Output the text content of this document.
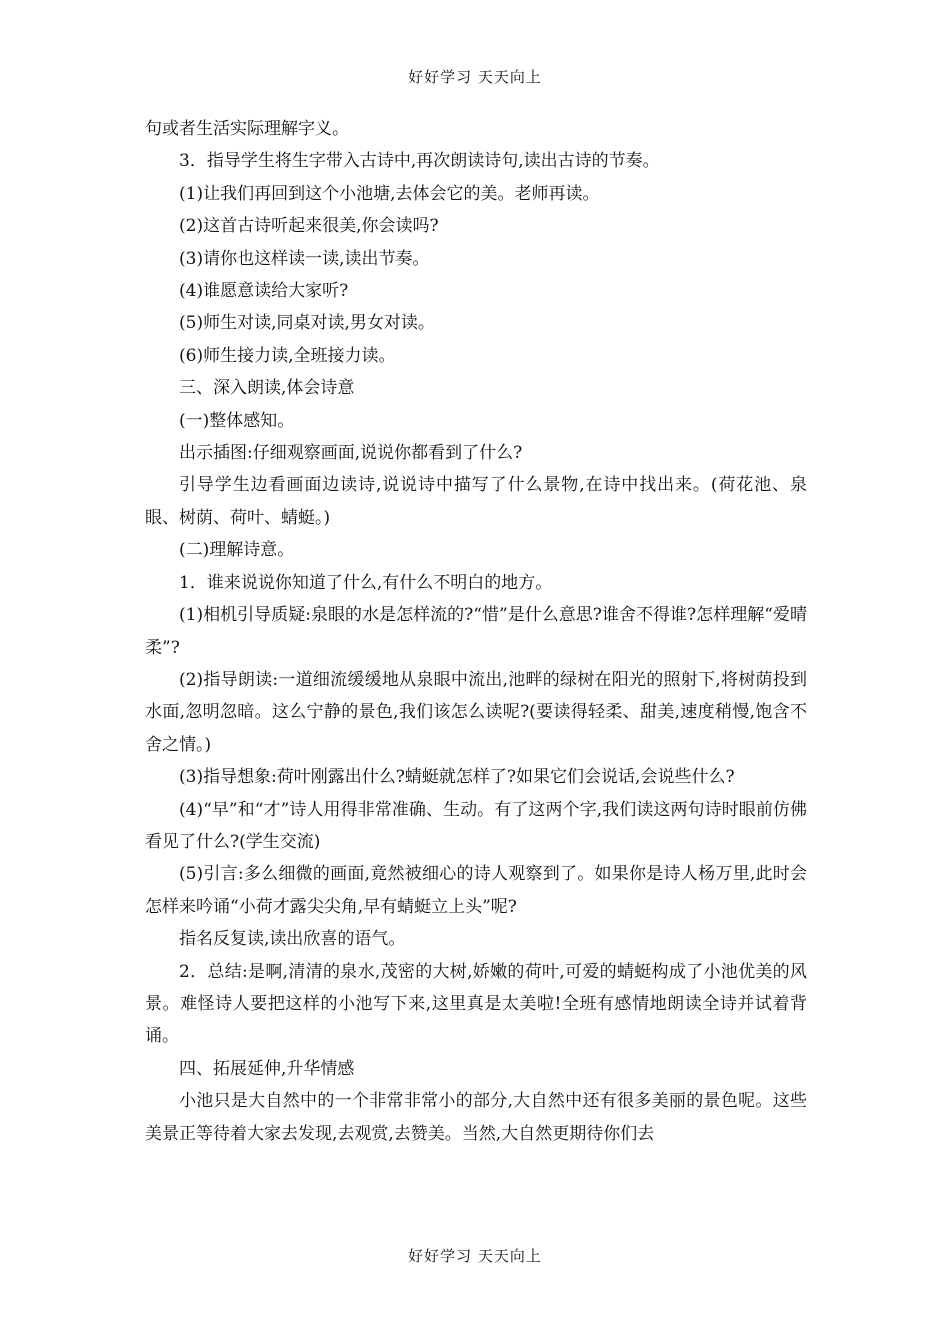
好好学习 天天向上

句或者生活实际理解字义。

3．指导学生将生字带入古诗中,再次朗读诗句,读出古诗的节奏。

(1)让我们再回到这个小池塘,去体会它的美。老师再读。

(2)这首古诗听起来很美,你会读吗?

(3)请你也这样读一读,读出节奏。

(4)谁愿意读给大家听?

(5)师生对读,同桌对读,男女对读。

(6)师生接力读,全班接力读。

三、深入朗读,体会诗意

(一)整体感知。

出示插图:仔细观察画面,说说你都看到了什么?

引导学生边看画面边读诗,说说诗中描写了什么景物,在诗中找出来。(荷花池、泉眼、树荫、荷叶、蜻蜓。)

(二)理解诗意。

1．谁来说说你知道了什么,有什么不明白的地方。

(1)相机引导质疑:泉眼的水是怎样流的?“惜”是什么意思?谁舍不得谁?怎样理解“爱晴柔”?

(2)指导朗读:一道细流缓缓地从泉眼中流出,池畔的绿树在阳光的照射下,将树荫投到水面,忽明忽暗。这么宁静的景色,我们该怎么读呢?(要读得轻柔、甜美,速度稍慢,饱含不舍之情。)

(3)指导想象:荷叶刚露出什么?蜻蜓就怎样了?如果它们会说话,会说些什么?

(4)“早”和“才”诗人用得非常准确、生动。有了这两个字,我们读这两句诗时眼前仿佛看见了什么?(学生交流)

(5)引言:多么细微的画面,竟然被细心的诗人观察到了。如果你是诗人杨万里,此时会怎样来吟诵“小荷才露尖尖角,早有蜻蜓立上头”呢?

指名反复读,读出欣喜的语气。

2．总结:是啊,清清的泉水,茂密的大树,娇嫩的荷叶,可爱的蜻蜓构成了小池优美的风景。难怪诗人要把这样的小池写下来,这里真是太美啦!全班有感情地朗读全诗并试着背诵。

四、拓展延伸,升华情感

小池只是大自然中的一个非常非常小的部分,大自然中还有很多美丽的景色呢。这些美景正等待着大家去发现,去观赏,去赞美。当然,大自然更期待你们去

好好学习 天天向上
